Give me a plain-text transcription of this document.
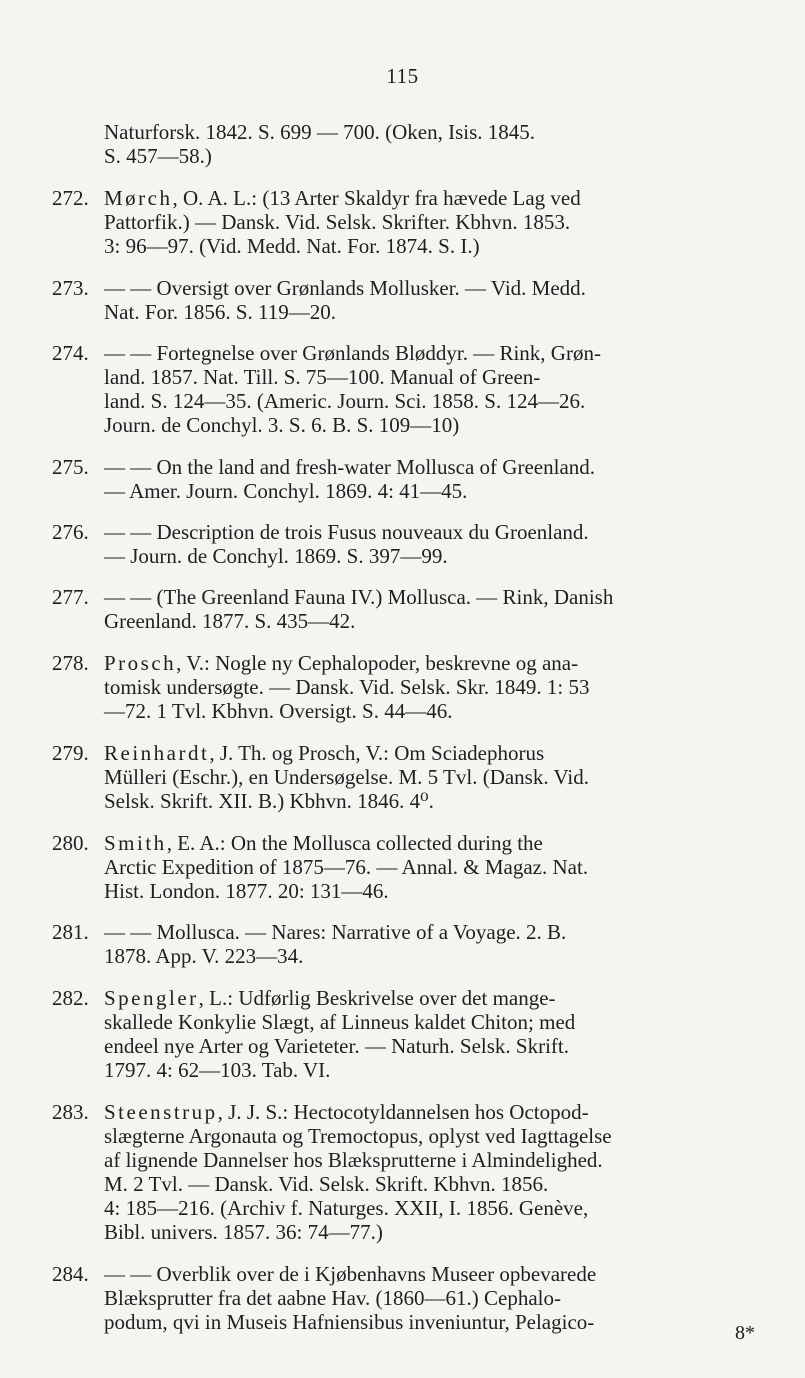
115
Naturforsk. 1842. S. 699 — 700. (Oken, Isis. 1845.
S. 457—58.)
272. Mørch, O. A. L.: (13 Arter Skaldyr fra hævede Lag ved
Pattorfik.) — Dansk. Vid. Selsk. Skrifter. Kbhvn. 1853.
3: 96—97. (Vid. Medd. Nat. For. 1874. S. I.)
273. — — Oversigt over Grønlands Mollusker. — Vid. Medd.
Nat. For. 1856. S. 119—20.
274. — — Fortegnelse over Grønlands Bløddyr. — Rink, Grøn-
land. 1857. Nat. Till. S. 75—100. Manual of Green-
land. S. 124—35. (Americ. Journ. Sci. 1858. S. 124—26.
Journ. de Conchyl. 3. S. 6. B. S. 109—10)
275. — — On the land and fresh-water Mollusca of Greenland.
— Amer. Journ. Conchyl. 1869. 4: 41—45.
276. — — Description de trois Fusus nouveaux du Groenland.
— Journ. de Conchyl. 1869. S. 397—99.
277. — — (The Greenland Fauna IV.) Mollusca. — Rink, Danish
Greenland. 1877. S. 435—42.
278. Prosch, V.: Nogle ny Cephalopoder, beskrevne og ana-
tomisk undersøgte. — Dansk. Vid. Selsk. Skr. 1849. 1: 53
—72. 1 Tvl. Kbhvn. Oversigt. S. 44—46.
279. Reinhardt, J. Th. og Prosch, V.: Om Sciadephorus
Mülleri (Eschr.), en Undersøgelse. M. 5 Tvl. (Dansk. Vid.
Selsk. Skrift. XII. B.) Kbhvn. 1846. 4⁰.
280. Smith, E. A.: On the Mollusca collected during the
Arctic Expedition of 1875—76. — Annal. & Magaz. Nat.
Hist. London. 1877. 20: 131—46.
281. — — Mollusca. — Nares: Narrative of a Voyage. 2. B.
1878. App. V. 223—34.
282. Spengler, L.: Udførlig Beskrivelse over det mange-
skallede Konkylie Slægt, af Linneus kaldet Chiton; med
endeel nye Arter og Varieteter. — Naturh. Selsk. Skrift.
1797. 4: 62—103. Tab. VI.
283. Steenstrup, J. J. S.: Hectocotyldannelsen hos Octopod-
slægterne Argonauta og Tremoctopus, oplyst ved Iagttagelse
af lignende Dannelser hos Blæksprutterne i Almindelighed.
M. 2 Tvl. — Dansk. Vid. Selsk. Skrift. Kbhvn. 1856.
4: 185—216. (Archiv f. Naturges. XXII, I. 1856. Genève,
Bibl. univers. 1857. 36: 74—77.)
284. — — Overblik over de i Kjøbenhavns Museer opbevarede
Blæksprutter fra det aabne Hav. (1860—61.) Cephalo-
podum, qvi in Museis Hafniensibus inveniuntur, Pelagico-	8*
